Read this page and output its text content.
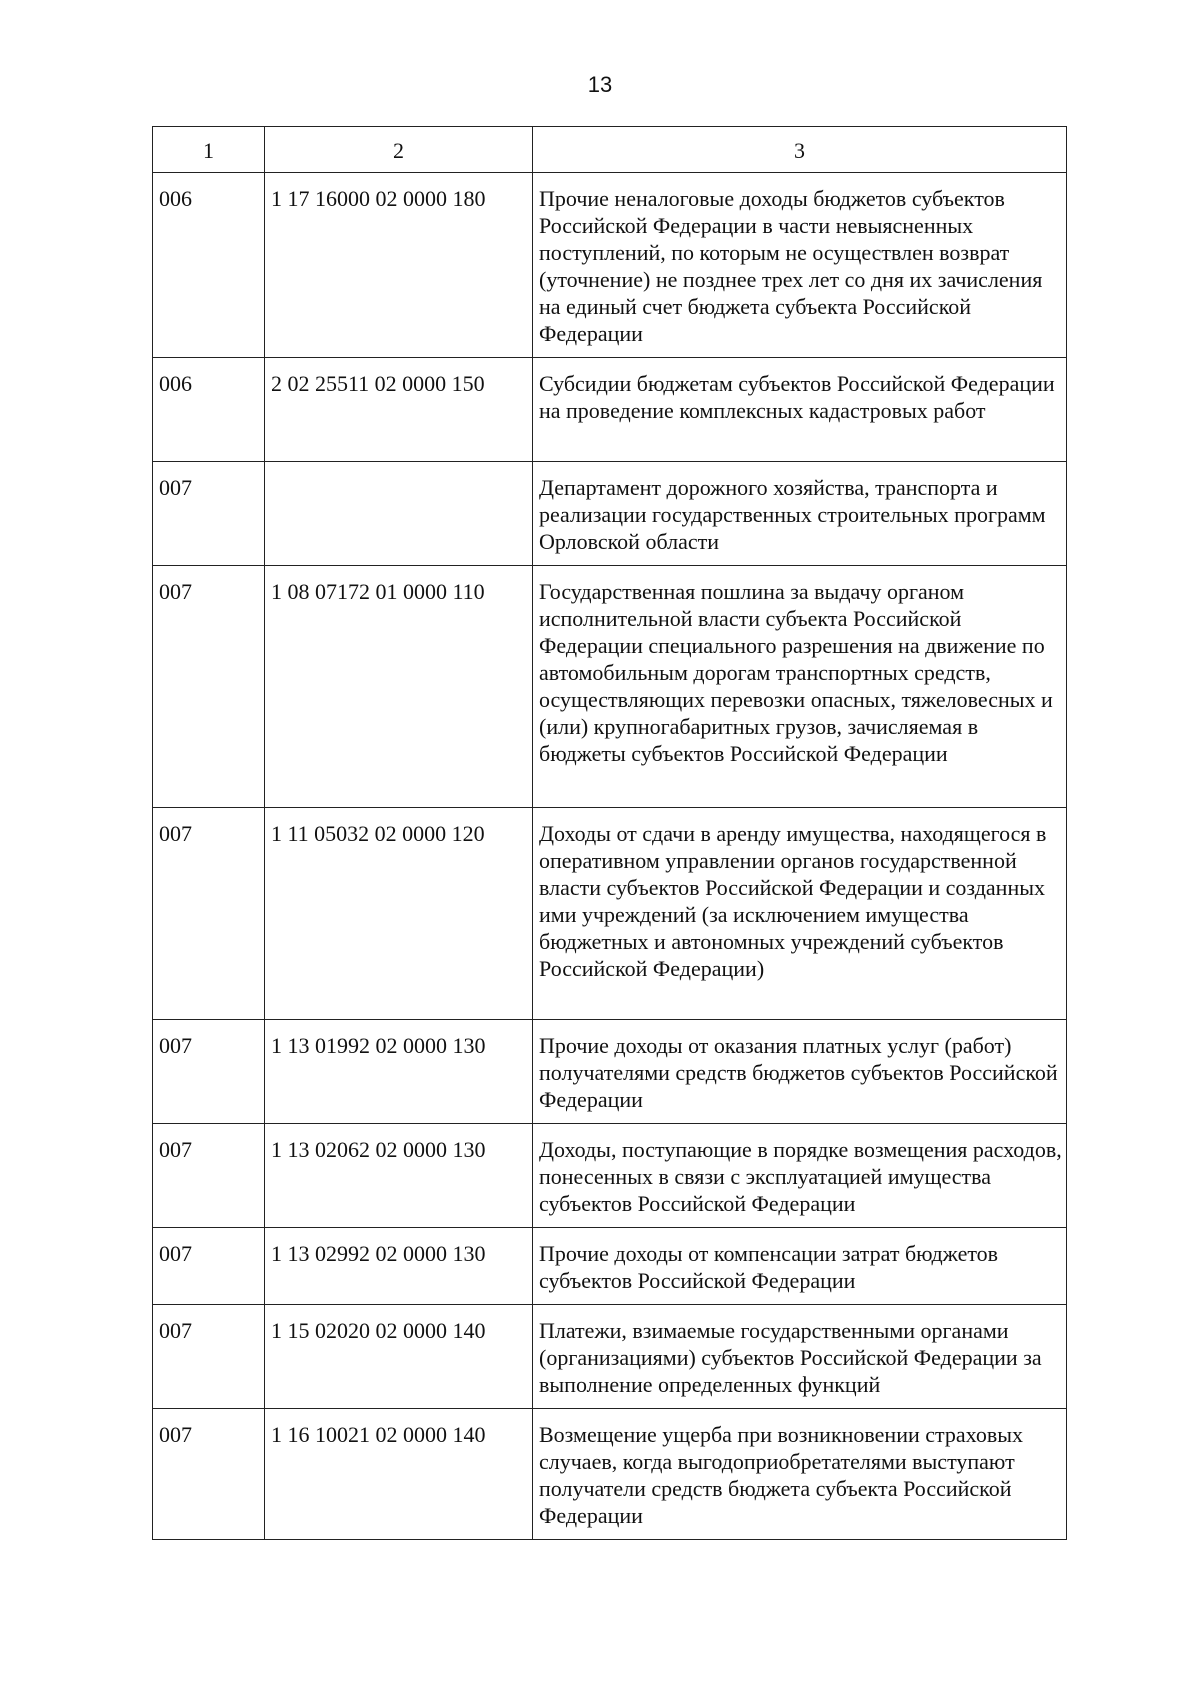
13
1	2	3
006	1 17 16000 02 0000 180	Прочие неналоговые доходы бюджетов субъектов Российской Федерации в части невыясненных поступлений, по которым не осуществлен возврат (уточнение) не позднее трех лет со дня их зачисления на единый счет бюджета субъекта Российской Федерации
006	2 02 25511 02 0000 150	Субсидии бюджетам субъектов Российской Федерации на проведение комплексных кадастровых работ
007		Департамент дорожного хозяйства, транспорта и реализации государственных строительных программ Орловской области
007	1 08 07172 01 0000 110	Государственная пошлина за выдачу органом исполнительной власти субъекта Российской Федерации специального разрешения на движение по автомобильным дорогам транспортных средств, осуществляющих перевозки опасных, тяжеловесных и (или) крупногабаритных грузов, зачисляемая в бюджеты субъектов Российской Федерации
007	1 11 05032 02 0000 120	Доходы от сдачи в аренду имущества, находящегося в оперативном управлении органов государственной власти субъектов Российской Федерации и созданных ими учреждений (за исключением имущества бюджетных и автономных учреждений субъектов Российской Федерации)
007	1 13 01992 02 0000 130	Прочие доходы от оказания платных услуг (работ) получателями средств бюджетов субъектов Российской Федерации
007	1 13 02062 02 0000 130	Доходы, поступающие в порядке возмещения расходов, понесенных в связи с эксплуатацией имущества субъектов Российской Федерации
007	1 13 02992 02 0000 130	Прочие доходы от компенсации затрат бюджетов субъектов Российской Федерации
007	1 15 02020 02 0000 140	Платежи, взимаемые государственными органами (организациями) субъектов Российской Федерации за выполнение определенных функций
007	1 16 10021 02 0000 140	Возмещение ущерба при возникновении страховых случаев, когда выгодоприобретателями выступают получатели средств бюджета субъекта Российской Федерации
